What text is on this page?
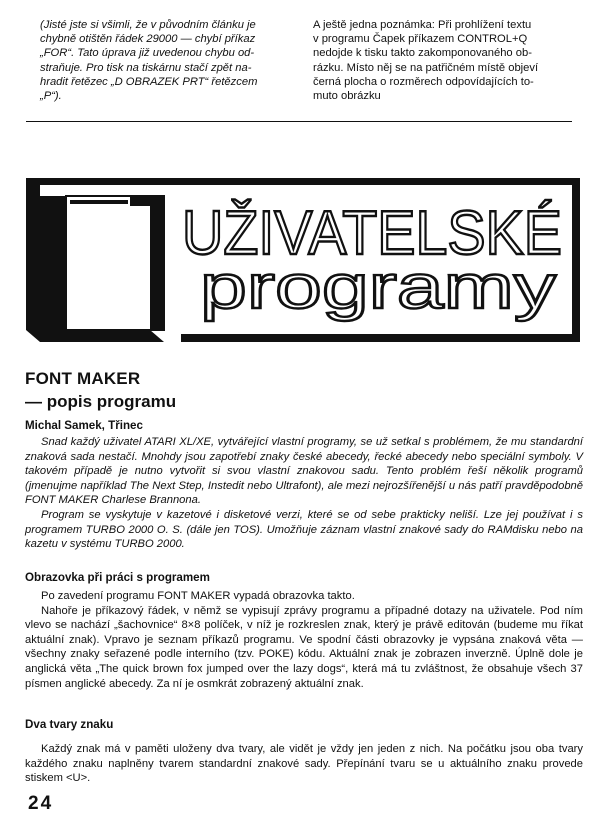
(Jisté jste si všimli, že v původním článku je

chybně otištěn řádek 29000 — chybí příkaz

„FOR“. Tato úprava již uvedenou chybu od-

straňuje. Pro tisk na tiskárnu stačí zpět na-

hradit řetězec „D OBRAZEK PRT“ řetězcem

„P“).

A ještě jedna poznámka: Při prohlížení textu

v programu Čapek příkazem CONTROL+Q

nedojde k tisku takto zakomponovaného ob-

rázku. Místo něj se na patřičném místě objeví

černá plocha o rozměrech odpovídajících to-

muto obrázku

UŽIVATELSKÉ
programy
FONT MAKER
— popis programu

Michal Samek, Třinec

Snad každý uživatel ATARI XL/XE, vytvářející vlastní programy, se už setkal s problémem, že mu standardní znaková sada nestačí. Mnohdy jsou zapotřebí znaky české abecedy, řecké abecedy nebo speciální symboly. V takovém případě je nutno vytvořit si svou vlastní znakovou sadu. Tento problém řeší několik programů (jmenujme například The Next Step, Instedit nebo Ultrafont), ale mezi nejrozšířenější u nás patří pravděpodobně FONT MAKER Charlese Brannona.

Program se vyskytuje v kazetové i disketové verzi, které se od sebe prakticky neliší. Lze jej používat i s programem TURBO 2000 O. S. (dále jen TOS). Umožňuje záznam vlastní znakové sady do RAMdisku nebo na kazetu v systému TURBO 2000.

Obrazovka při práci s programem

Po zavedení programu FONT MAKER vypadá obrazovka takto.

Nahoře je příkazový řádek, v němž se vypisují zprávy programu a případné dotazy na uživatele. Pod ním vlevo se nachází „šachovnice“ 8×8 políček, v níž je rozkreslen znak, který je právě editován (budeme mu říkat aktuální znak). Vpravo je seznam příkazů programu. Ve spodní části obrazovky je vypsána znaková věta — všechny znaky seřazené podle interního (tzv. POKE) kódu. Aktuální znak je zobrazen inverzně. Úplně dole je anglická věta „The quick brown fox jumped over the lazy dogs“, která má tu zvláštnost, že obsahuje všech 37 písmen anglické abecedy. Za ní je osmkrát zobrazený aktuální znak.

Dva tvary znaku

Každý znak má v paměti uloženy dva tvary, ale vidět je vždy jen jeden z nich. Na počátku jsou oba tvary každého znaku naplněny tvarem standardní znakové sady. Přepínání tvaru se u aktuálního znaku provede stiskem <U>.

24
